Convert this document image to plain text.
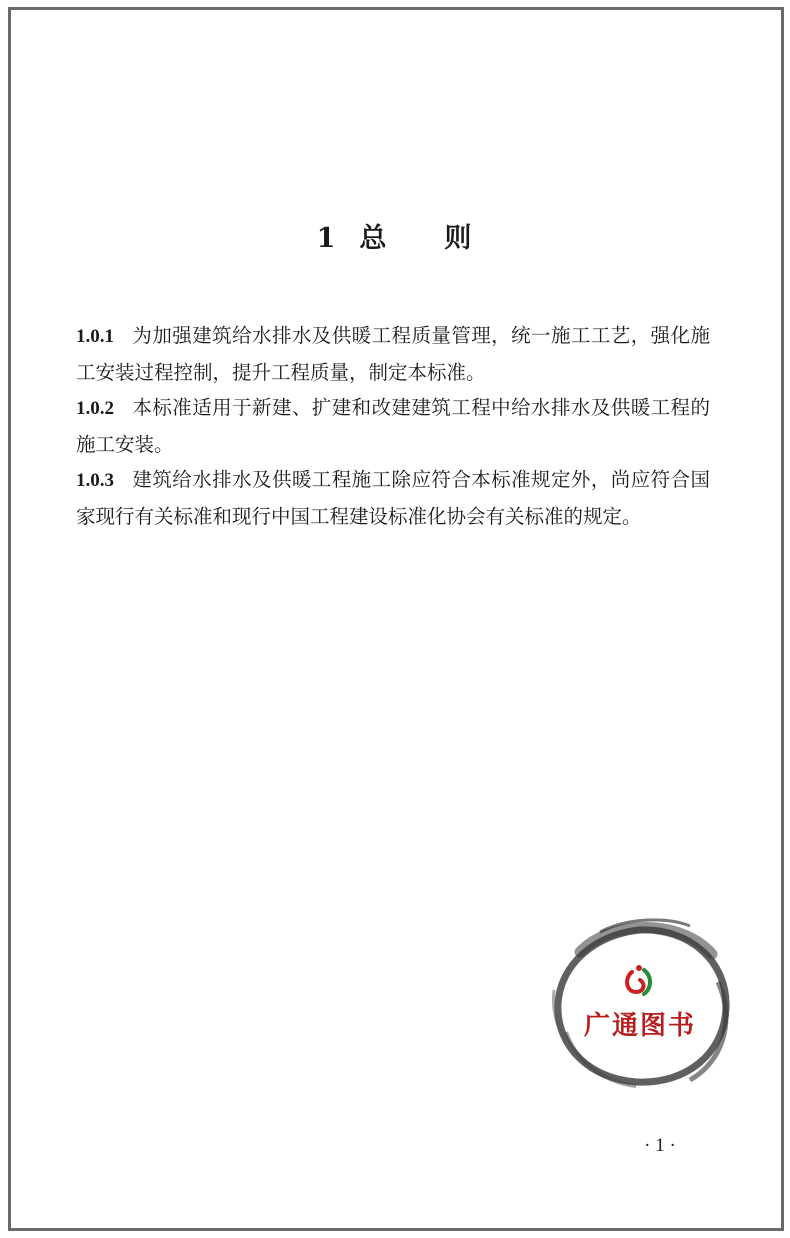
1 总 则

1.0.1 为加强建筑给水排水及供暖工程质量管理，统一施工工艺，强化施工安装过程控制，提升工程质量，制定本标准。

1.0.2 本标准适用于新建、扩建和改建建筑工程中给水排水及供暖工程的施工安装。

1.0.3 建筑给水排水及供暖工程施工除应符合本标准规定外，尚应符合国家现行有关标准和现行中国工程建设标准化协会有关标准的规定。

广通图书
· 1 ·
